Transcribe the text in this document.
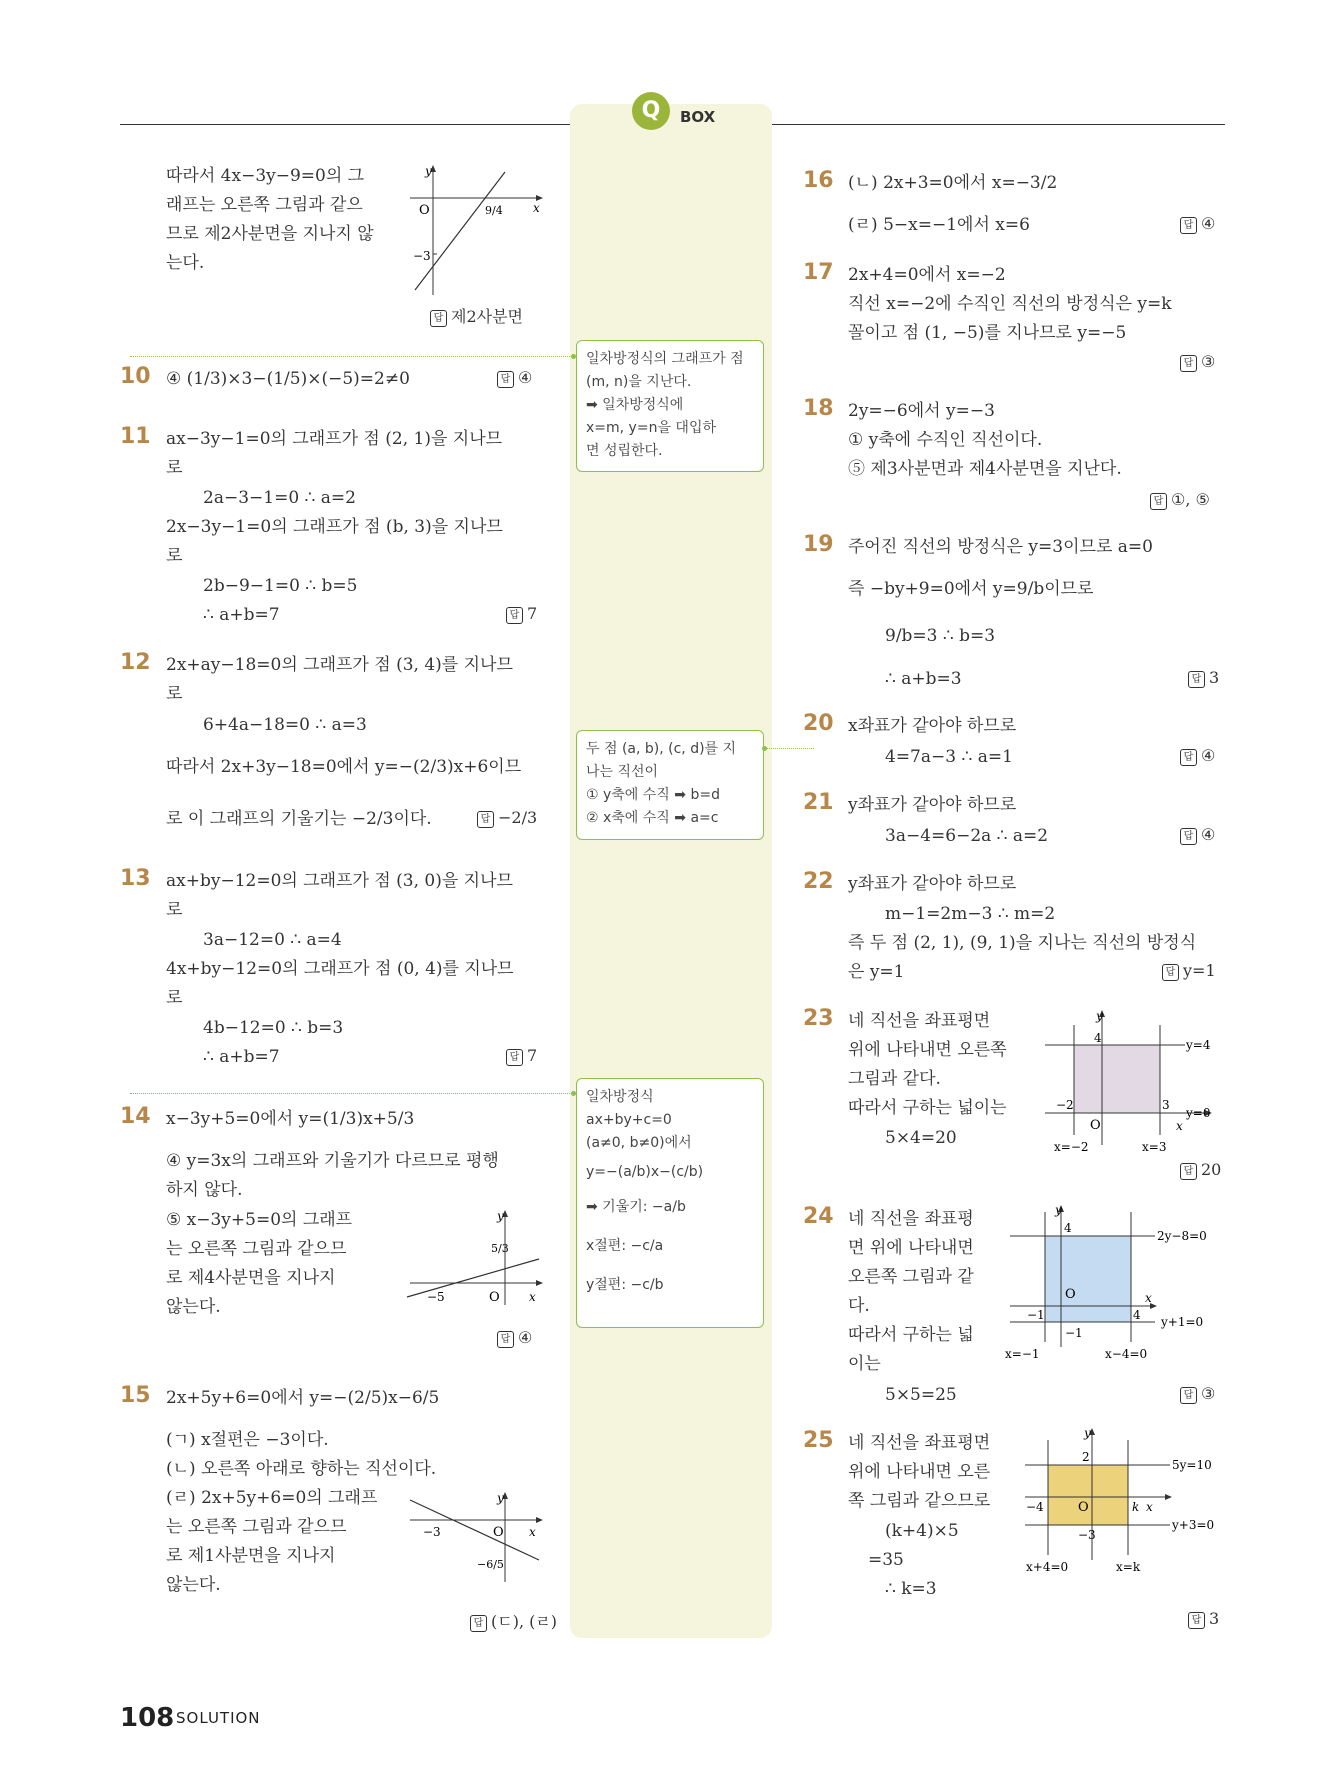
Q	BOX
일차방정식의 그래프가 점
(m, n)을 지난다.
➡ 일차방정식에
x=m, y=n을 대입하
면 성립한다.
두 점 (a, b), (c, d)를 지
나는 직선이
① y축에 수직 ➡ b=d
② x축에 수직 ➡ a=c
일차방정식
ax+by+c=0
(a≠0, b≠0)에서
y=−(a/b)x−(c/b)
➡ 기울기: −a/b
x절편: −c/a
y절편: −c/b
따라서 4x−3y−9=0의 그
래프는 오른쪽 그림과 같으
므로 제2사분면을 지나지 않
는다.
y
x
O	9/4
−3
답 제2사분면
10 ④ (1/3)×3−(1/5)×(−5)=2≠0	답 ④
11 ax−3y−1=0의 그래프가 점 (2, 1)을 지나므
로
2a−3−1=0 ∴ a=2
2x−3y−1=0의 그래프가 점 (b, 3)을 지나므
로
2b−9−1=0 ∴ b=5
∴ a+b=7	답 7
12 2x+ay−18=0의 그래프가 점 (3, 4)를 지나므
로
6+4a−18=0 ∴ a=3
따라서 2x+3y−18=0에서 y=−(2/3)x+6이므
로 이 그래프의 기울기는 −2/3이다.	답 −2/3
13 ax+by−12=0의 그래프가 점 (3, 0)을 지나므
로
3a−12=0 ∴ a=4
4x+by−12=0의 그래프가 점 (0, 4)를 지나므
로
4b−12=0 ∴ b=3
∴ a+b=7	답 7
14 x−3y+5=0에서 y=(1/3)x+5/3
④ y=3x의 그래프와 기울기가 다르므로 평행
하지 않다.
⑤ x−3y+5=0의 그래프
는 오른쪽 그림과 같으므
로 제4사분면을 지나지
않는다.
y
x
O
5/3
−5
답 ④
15 2x+5y+6=0에서 y=−(2/5)x−6/5
(ㄱ) x절편은 −3이다.
(ㄴ) 오른쪽 아래로 향하는 직선이다.
(ㄹ) 2x+5y+6=0의 그래프
는 오른쪽 그림과 같으므
로 제1사분면을 지나지
않는다.
y
x
O
−3
−6/5
답 (ㄷ), (ㄹ)
16 (ㄴ) 2x+3=0에서 x=−3/2
(ㄹ) 5−x=−1에서 x=6	답 ④
17 2x+4=0에서 x=−2
직선 x=−2에 수직인 직선의 방정식은 y=k
꼴이고 점 (1, −5)를 지나므로 y=−5
답 ③
18 2y=−6에서 y=−3
① y축에 수직인 직선이다.
⑤ 제3사분면과 제4사분면을 지난다.
답 ①, ⑤
19 주어진 직선의 방정식은 y=3이므로 a=0
즉 −by+9=0에서 y=9/b이므로
9/b=3 ∴ b=3
∴ a+b=3	답 3
20 x좌표가 같아야 하므로
4=7a−3 ∴ a=1	답 ④
21 y좌표가 같아야 하므로
3a−4=6−2a ∴ a=2	답 ④
22 y좌표가 같아야 하므로
m−1=2m−3 ∴ m=2
즉 두 점 (2, 1), (9, 1)을 지나는 직선의 방정식
은 y=1	답 y=1
23 네 직선을 좌표평면
위에 나타내면 오른쪽
그림과 같다.
따라서 구하는 넓이는
5×4=20
y
x
O
4
−2	3
y=4
y=0
x=−2	x=3
답 20
24 네 직선을 좌표평
면 위에 나타내면
오른쪽 그림과 같
다.
따라서 구하는 넓
이는
5×5=25
y
x
O
4
−1	4
−1
2y−8=0
y+1=0
x=−1	x−4=0
답 ③
25 네 직선을 좌표평면
위에 나타내면 오른
쪽 그림과 같으므로
(k+4)×5
=35
∴ k=3
y
x
O
2
−4	k
−3
5y=10
y+3=0
x+4=0	x=k
답 3
108 SOLUTION
